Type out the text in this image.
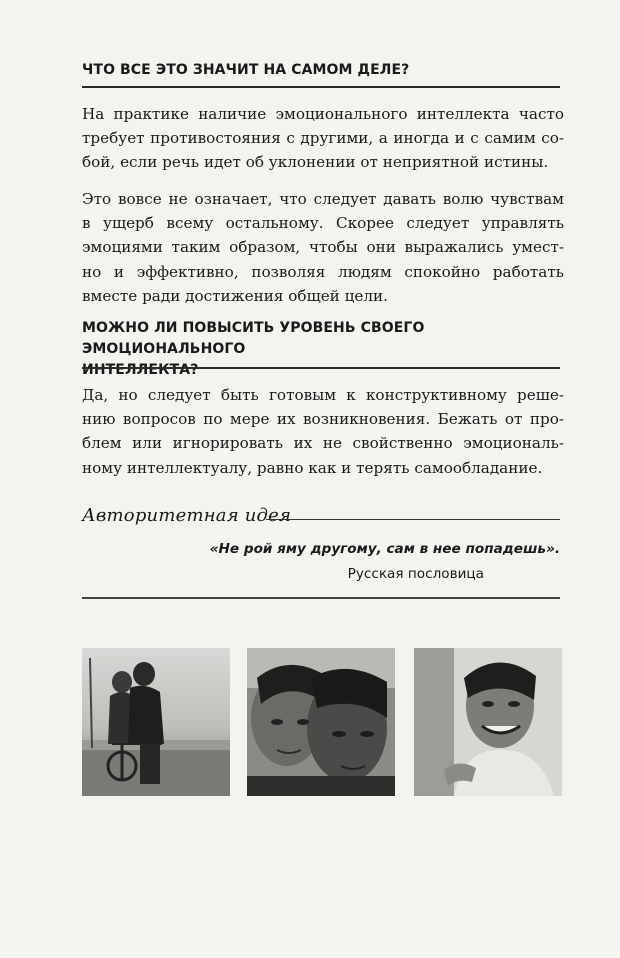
ЧТО ВСЕ ЭТО ЗНАЧИТ НА САМОМ ДЕЛЕ?
На практике наличие эмоционального интеллекта часто
требует противостояния с другими, а иногда и с самим со-
бой, если речь идет об уклонении от неприятной истины.
Это вовсе не означает, что следует давать волю чувствам
в ущерб всему остальному. Скорее следует управлять
эмоциями таким образом, чтобы они выражались умест-
но и эффективно, позволяя людям спокойно работать
вместе ради достижения общей цели.
МОЖНО ЛИ ПОВЫСИТЬ УРОВЕНЬ СВОЕГО ЭМОЦИОНАЛЬНОГО
ИНТЕЛЛЕКТА?
Да, но следует быть готовым к конструктивному реше-
нию вопросов по мере их возникновения. Бежать от про-
блем или игнорировать их не свойственно эмоциональ-
ному интеллектуалу, равно как и терять самообладание.
Авторитетная идея
«Не рой яму другому, сам в нее попадешь».
Русская пословица
